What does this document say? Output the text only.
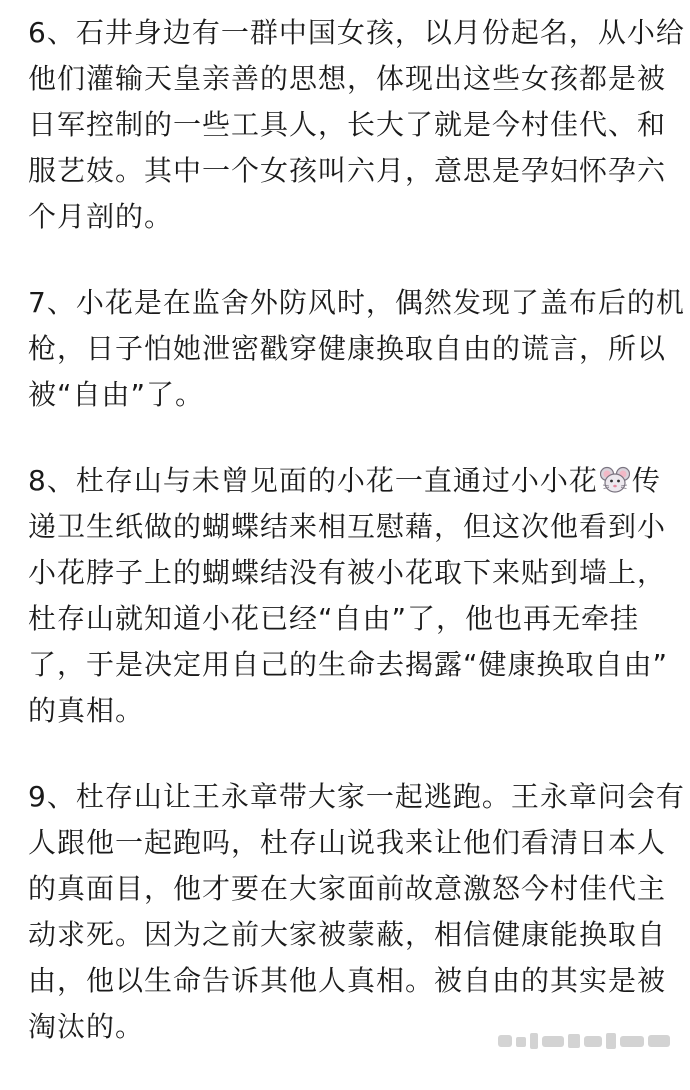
6、石井身边有一群中国女孩，以月份起名，从小给
他们灌输天皇亲善的思想，体现出这些女孩都是被
日军控制的一些工具人，长大了就是今村佳代、和
服艺妓。其中一个女孩叫六月，意思是孕妇怀孕六
个月剖的。
7、小花是在监舍外防风时，偶然发现了盖布后的机
枪，日子怕她泄密戳穿健康换取自由的谎言，所以
被“自由”了。
8、杜存山与未曾见面的小花一直通过小小花 传
递卫生纸做的蝴蝶结来相互慰藉，但这次他看到小
小花脖子上的蝴蝶结没有被小花取下来贴到墙上，
杜存山就知道小花已经“自由”了，他也再无牵挂
了，于是决定用自己的生命去揭露“健康换取自由”
的真相。
9、杜存山让王永章带大家一起逃跑。王永章问会有
人跟他一起跑吗，杜存山说我来让他们看清日本人
的真面目，他才要在大家面前故意激怒今村佳代主
动求死。因为之前大家被蒙蔽，相信健康能换取自
由，他以生命告诉其他人真相。被自由的其实是被
淘汰的。
